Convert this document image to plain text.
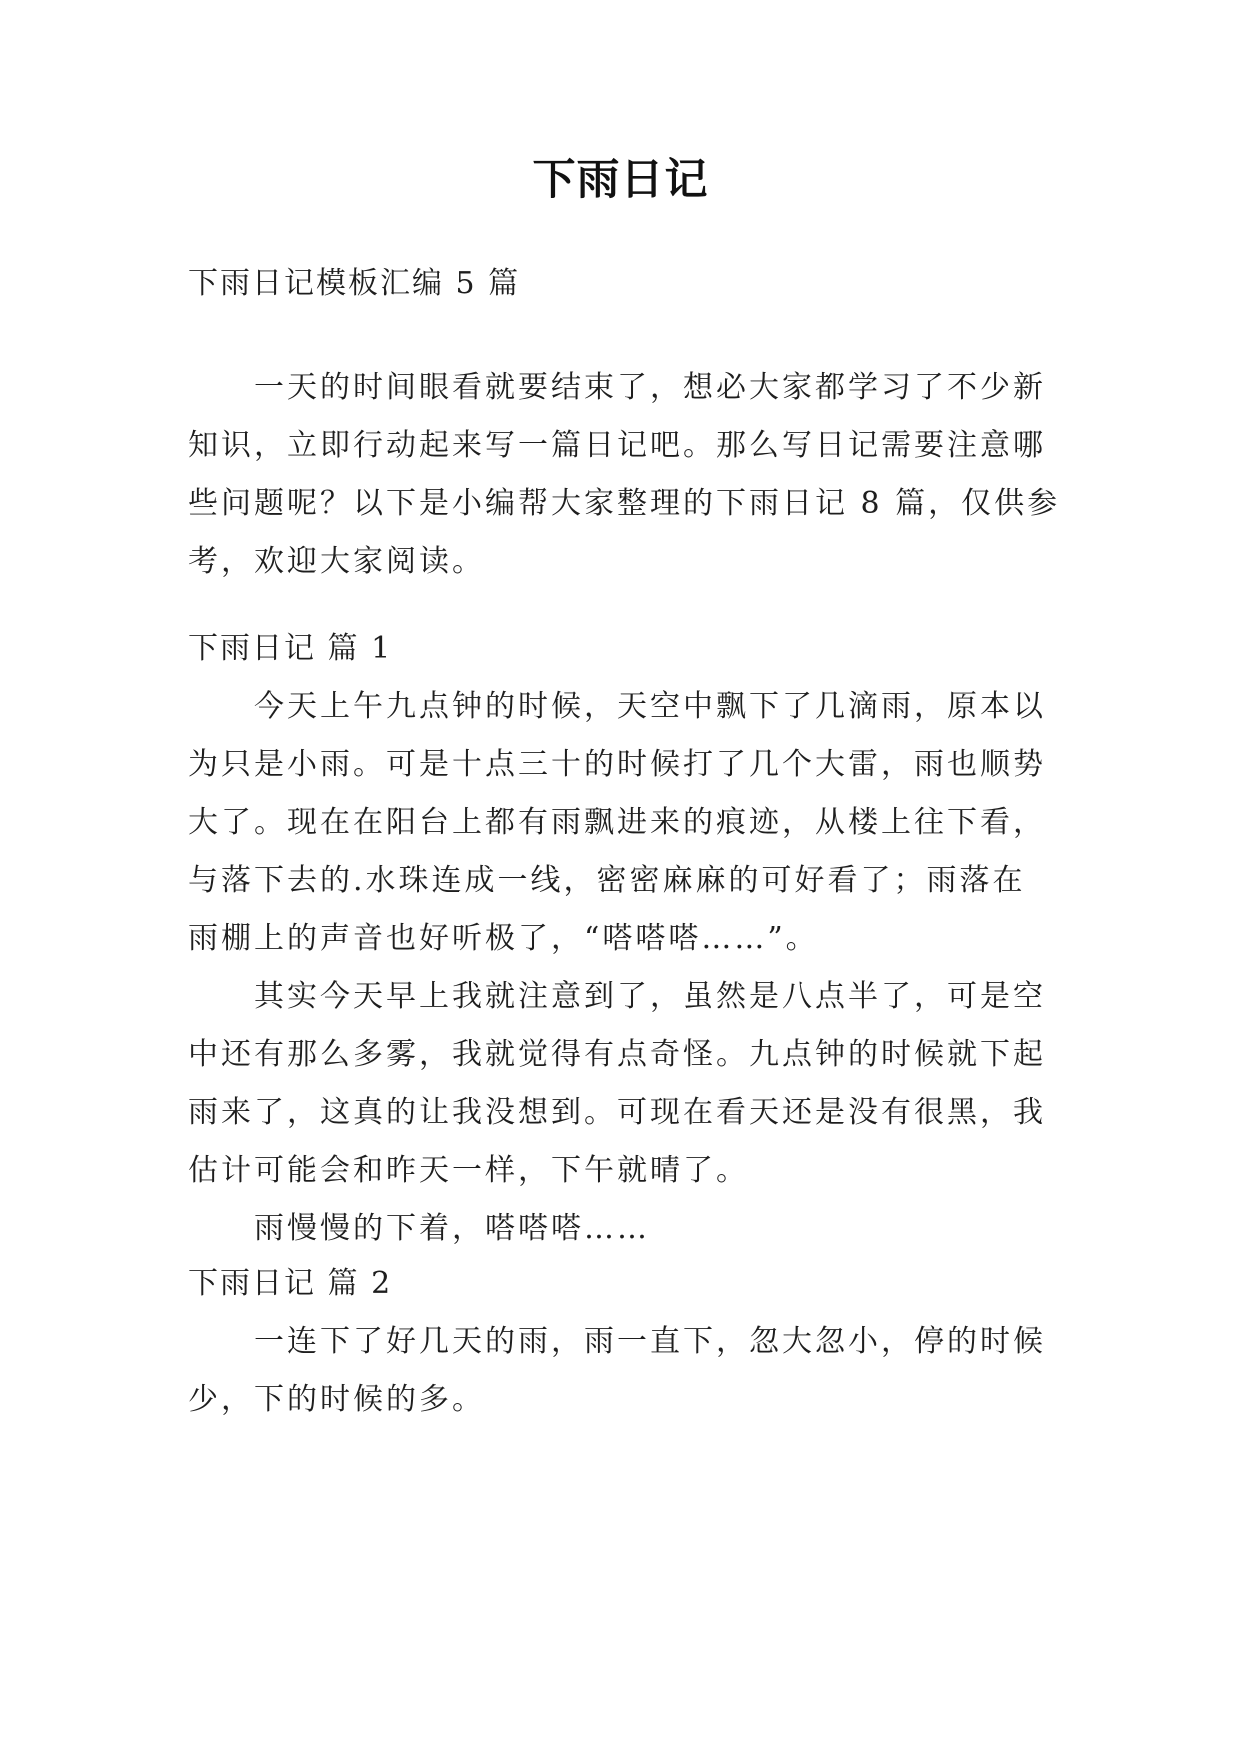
下雨日记
下雨日记模板汇编 5 篇
一天的时间眼看就要结束了，想必大家都学习了不少新
知识，立即行动起来写一篇日记吧。那么写日记需要注意哪
些问题呢？以下是小编帮大家整理的下雨日记 8 篇，仅供参
考，欢迎大家阅读。
下雨日记 篇 1
今天上午九点钟的时候，天空中飘下了几滴雨，原本以
为只是小雨。可是十点三十的时候打了几个大雷，雨也顺势
大了。现在在阳台上都有雨飘进来的痕迹，从楼上往下看，
与落下去的.水珠连成一线，密密麻麻的可好看了；雨落在
雨棚上的声音也好听极了，“嗒嗒嗒……”。
其实今天早上我就注意到了，虽然是八点半了，可是空
中还有那么多雾，我就觉得有点奇怪。九点钟的时候就下起
雨来了，这真的让我没想到。可现在看天还是没有很黑，我
估计可能会和昨天一样，下午就晴了。
雨慢慢的下着，嗒嗒嗒……
下雨日记 篇 2
一连下了好几天的雨，雨一直下，忽大忽小，停的时候
少，下的时候的多。
